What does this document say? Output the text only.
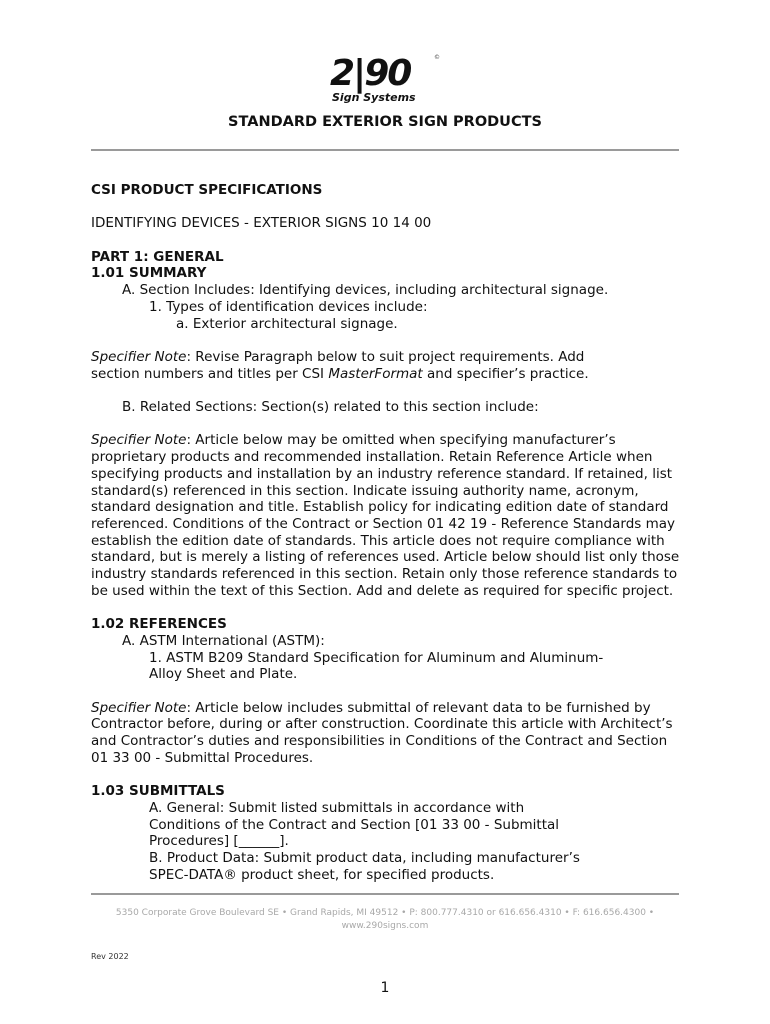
2|90	©
Sign Systems
STANDARD EXTERIOR SIGN PRODUCTS

CSI PRODUCT SPECIFICATIONS

IDENTIFYING DEVICES - EXTERIOR SIGNS 10 14 00

PART 1: GENERAL

1.01 SUMMARY

A. Section Includes: Identifying devices, including architectural signage.

1. Types of identification devices include:

a. Exterior architectural signage.

Specifier Note: Revise Paragraph below to suit project requirements. Add section numbers and titles per CSI MasterFormat and specifier’s practice.

B. Related Sections: Section(s) related to this section include:

Specifier Note: Article below may be omitted when specifying manufacturer’s proprietary products and recommended installation. Retain Reference Article when specifying products and installation by an industry reference standard. If retained, list standard(s) referenced in this section. Indicate issuing authority name, acronym, standard designation and title. Establish policy for indicating edition date of standard referenced. Conditions of the Contract or Section 01 42 19 - Reference Standards may establish the edition date of standards. This article does not require compliance with standard, but is merely a listing of references used. Article below should list only those industry standards referenced in this section. Retain only those reference standards to be used within the text of this Section. Add and delete as required for specific project.

1.02 REFERENCES

A. ASTM International (ASTM):

1. ASTM B209 Standard Specification for Aluminum and Aluminum-Alloy Sheet and Plate.

Specifier Note: Article below includes submittal of relevant data to be furnished by Contractor before, during or after construction. Coordinate this article with Architect’s and Contractor’s duties and responsibilities in Conditions of the Contract and Section 01 33 00 - Submittal Procedures.

1.03 SUBMITTALS

A. General: Submit listed submittals in accordance with Conditions of the Contract and Section [01 33 00 - Submittal Procedures] [______].

B. Product Data: Submit product data, including manufacturer’s SPEC-DATA® product sheet, for specified products.

5350 Corporate Grove Boulevard SE • Grand Rapids, MI 49512 • P: 800.777.4310 or 616.656.4310 • F: 616.656.4300 • www.290signs.com
Rev 2022
1
